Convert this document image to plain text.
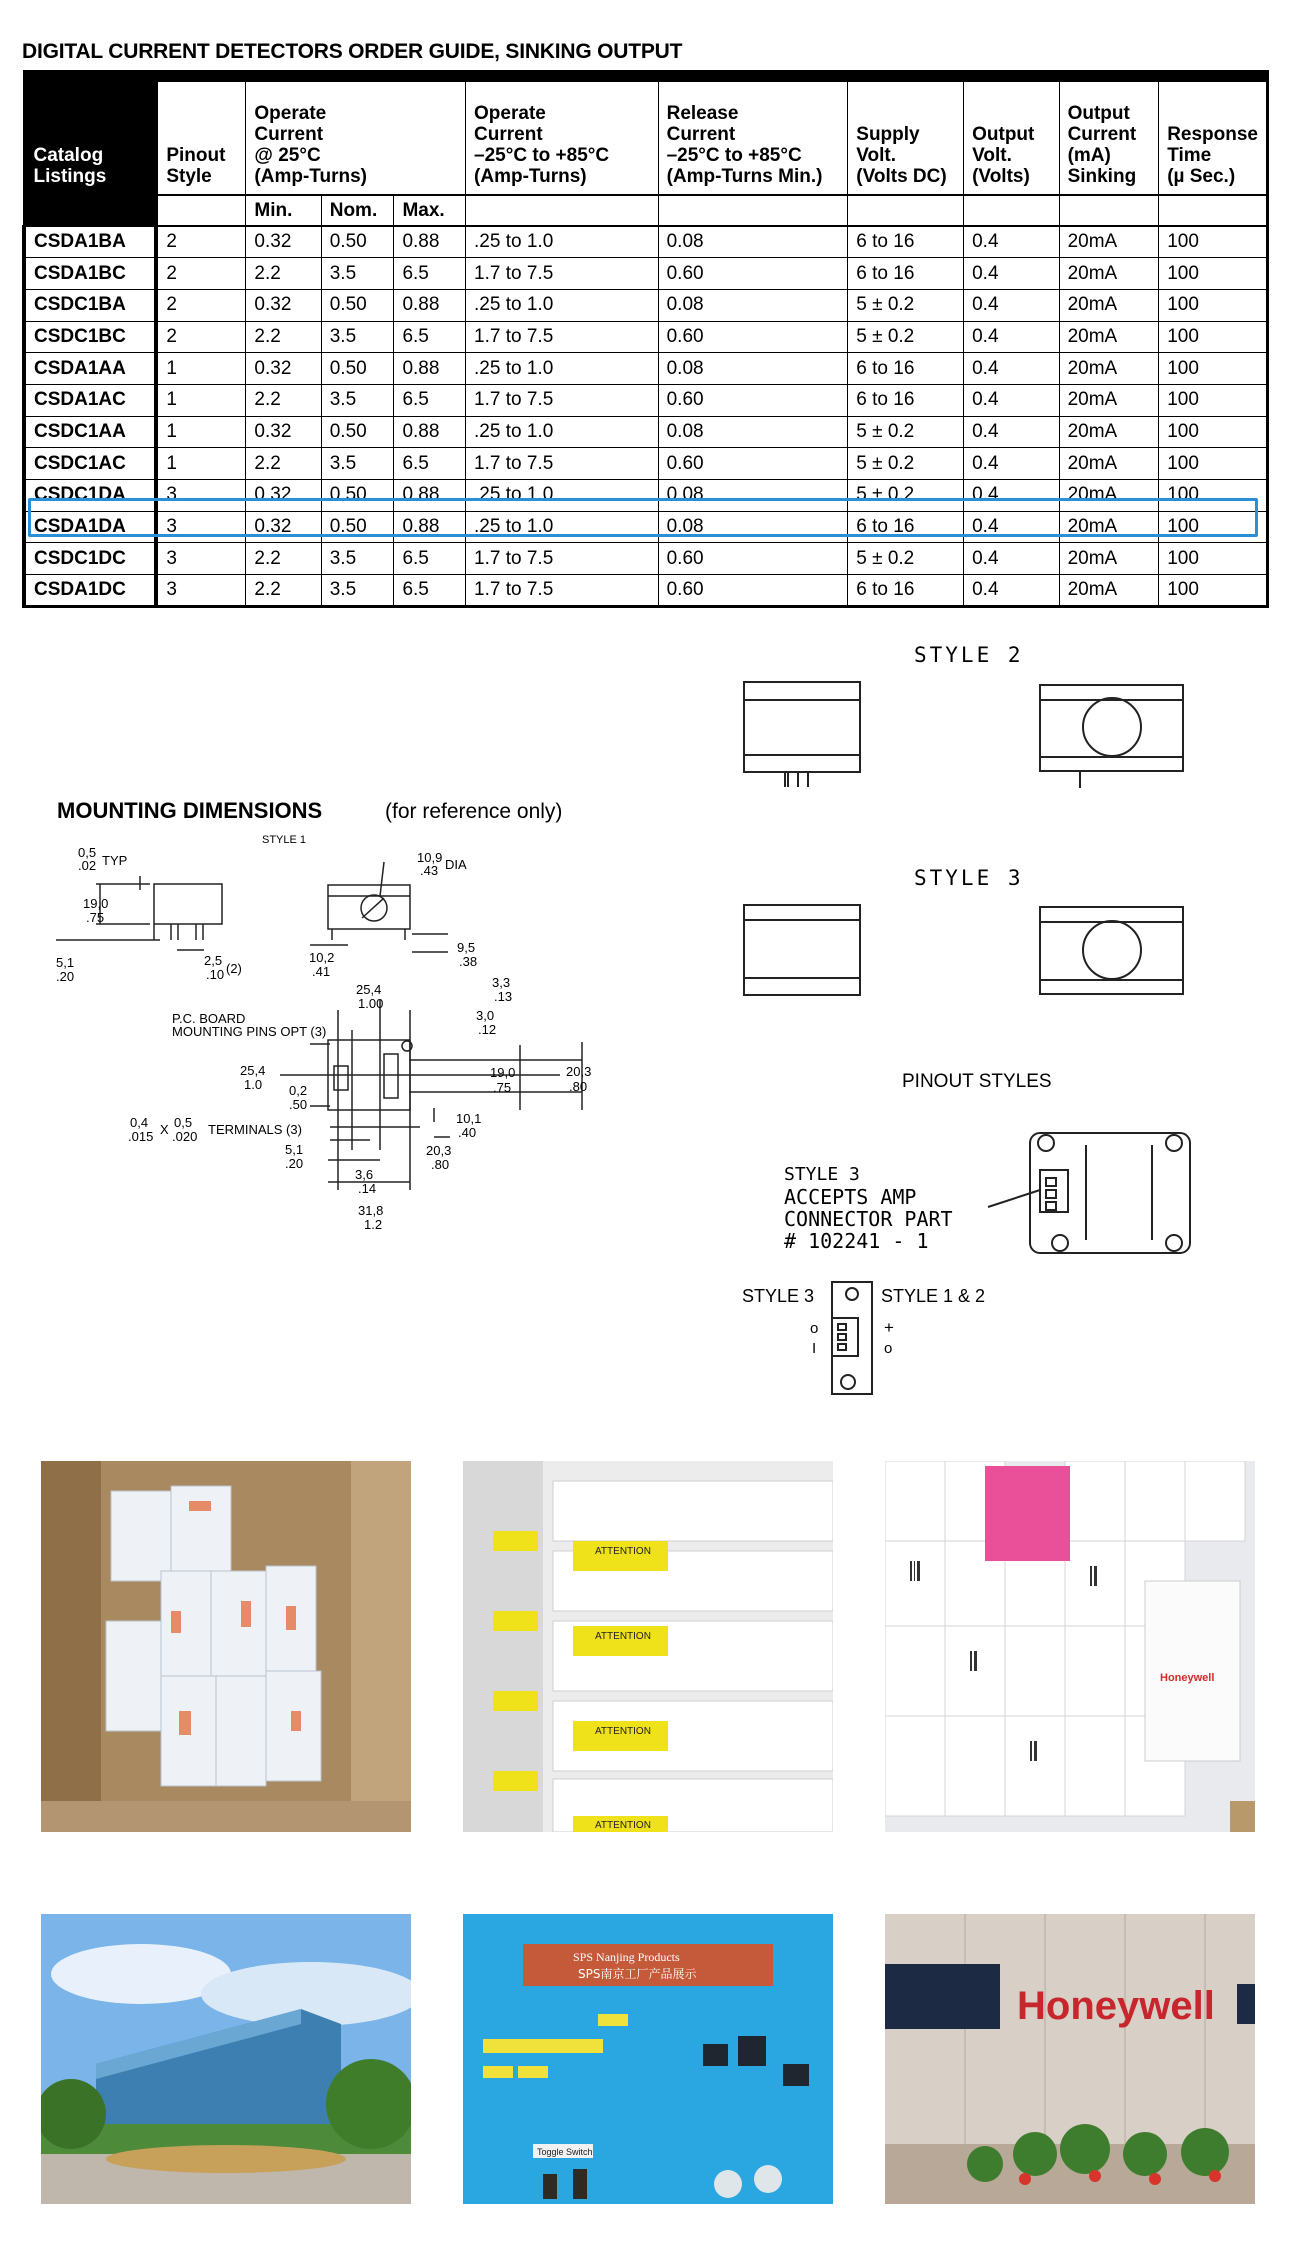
DIGITAL CURRENT DETECTORS ORDER GUIDE, SINKING OUTPUT
Catalog
Listings	Pinout
Style	Operate
Current
@ 25°C
(Amp-Turns)			Operate
Current
–25°C to +85°C
(Amp-Turns)	Release
Current
–25°C to +85°C
(Amp-Turns Min.)	Supply
Volt.
(Volts DC)	Output
Volt.
(Volts)	Output
Current
(mA)
Sinking	Response
Time
(µ Sec.)
		Min.	Nom.	Max.						
CSDA1BA	2	0.32	0.50	0.88	.25 to 1.0	0.08	6 to 16	0.4	20mA	100
CSDA1BC	2	2.2	3.5	6.5	1.7 to 7.5	0.60	6 to 16	0.4	20mA	100
CSDC1BA	2	0.32	0.50	0.88	.25 to 1.0	0.08	5 ± 0.2	0.4	20mA	100
CSDC1BC	2	2.2	3.5	6.5	1.7 to 7.5	0.60	5 ± 0.2	0.4	20mA	100
CSDA1AA	1	0.32	0.50	0.88	.25 to 1.0	0.08	6 to 16	0.4	20mA	100
CSDA1AC	1	2.2	3.5	6.5	1.7 to 7.5	0.60	6 to 16	0.4	20mA	100
CSDC1AA	1	0.32	0.50	0.88	.25 to 1.0	0.08	5 ± 0.2	0.4	20mA	100
CSDC1AC	1	2.2	3.5	6.5	1.7 to 7.5	0.60	5 ± 0.2	0.4	20mA	100
CSDC1DA	3	0.32	0.50	0.88	.25 to 1.0	0.08	5 ± 0.2	0.4	20mA	100
CSDA1DA	3	0.32	0.50	0.88	.25 to 1.0	0.08	6 to 16	0.4	20mA	100
CSDC1DC	3	2.2	3.5	6.5	1.7 to 7.5	0.60	5 ± 0.2	0.4	20mA	100
CSDA1DC	3	2.2	3.5	6.5	1.7 to 7.5	0.60	6 to 16	0.4	20mA	100
STYLE 2
STYLE 3
PINOUT STYLES
STYLE 3
ACCEPTS AMP
CONNECTOR PART
# 102241 - 1
STYLE 3	STYLE 1 & 2
o
I
+
o
MOUNTING DIMENSIONS	(for reference only)
STYLE 1
0,5
.02 TYP	10,9
.43 DIA
19,0
.75
5,1
.20
2,5
.10 (2)
10,2
.41
9,5
.38
25,4
1.00
3,3
.13
3,0
.12
P.C. BOARD
MOUNTING PINS OPT (3)
25,4
1.0 0,2
.50
19,0
.75
20,3
.80
0,4
.015 X 0,5
.020 TERMINALS (3)
10,1
.40
5,1
.20
20,3
.80
3,6
.14
31,8
1.2
ATTENTION
ATTENTION
ATTENTION
ATTENTION
Honeywell
SPS Nanjing Products
SPS南京工厂产品展示
Toggle Switch
Honeywell
